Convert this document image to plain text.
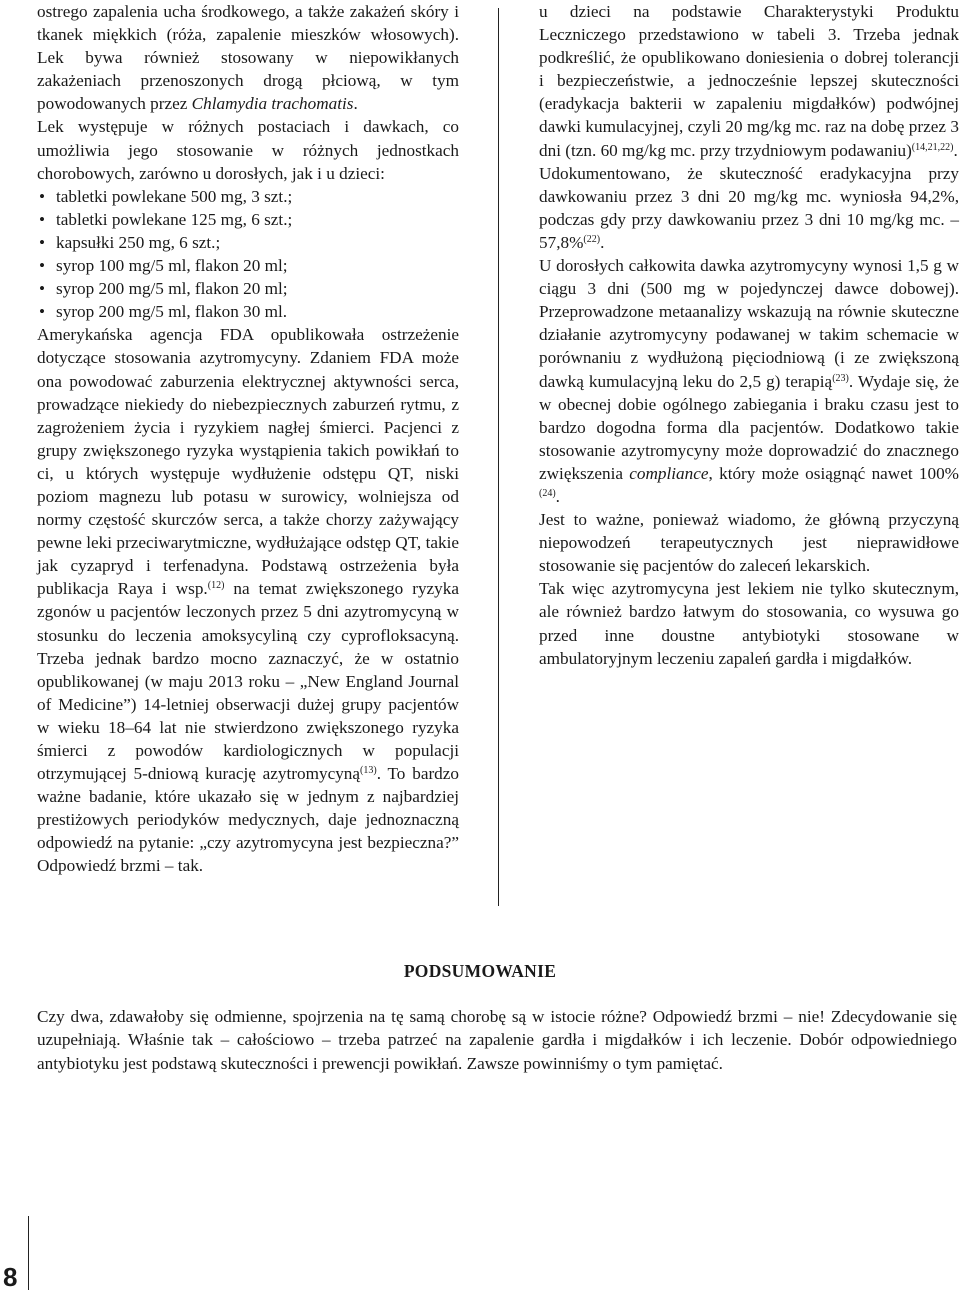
ostrego zapalenia ucha środkowego, a także zakażeń skóry i tkanek miękkich (róża, zapalenie mieszków włosowych). Lek bywa również stosowany w niepowikłanych zakażeniach przenoszonych drogą płciową, w tym powodowanych przez Chlamydia trachomatis.

Lek występuje w różnych postaciach i dawkach, co umożliwia jego stosowanie w różnych jednostkach chorobowych, zarówno u dorosłych, jak i u dzieci:

• tabletki powlekane 500 mg, 3 szt.;
• tabletki powlekane 125 mg, 6 szt.;
• kapsułki 250 mg, 6 szt.;
• syrop 100 mg/5 ml, flakon 20 ml;
• syrop 200 mg/5 ml, flakon 20 ml;
• syrop 200 mg/5 ml, flakon 30 ml.

Amerykańska agencja FDA opublikowała ostrzeżenie dotyczące stosowania azytromycyny. Zdaniem FDA może ona powodować zaburzenia elektrycznej aktywności serca, prowadzące niekiedy do niebezpiecznych zaburzeń rytmu, z zagrożeniem życia i ryzykiem nagłej śmierci. Pacjenci z grupy zwiększonego ryzyka wystąpienia takich powikłań to ci, u których występuje wydłużenie odstępu QT, niski poziom magnezu lub potasu w surowicy, wolniejsza od normy częstość skurczów serca, a także chorzy zażywający pewne leki przeciwarytmiczne, wydłużające odstęp QT, takie jak cyzapryd i terfenadyna. Podstawą ostrzeżenia była publikacja Raya i wsp.$^{(12)}$ na temat zwiększonego ryzyka zgonów u pacjentów leczonych przez 5 dni azytromycyną w stosunku do leczenia amoksycyliną czy cyprofloksacyną. Trzeba jednak bardzo mocno zaznaczyć, że w ostatnio opublikowanej (w maju 2013 roku – „New England Journal of Medicine”) 14-letniej obserwacji dużej grupy pacjentów w wieku 18–64 lat nie stwierdzono zwiększonego ryzyka śmierci z powodów kardiologicznych w populacji otrzymującej 5-dniową kurację azytromycyną$^{(13)}$. To bardzo ważne badanie, które ukazało się w jednym z najbardziej prestiżowych periodyków medycznych, daje jednoznaczną odpowiedź na pytanie: „czy azytromycyna jest bezpieczna?” Odpowiedź brzmi – tak.

u dzieci na podstawie Charakterystyki Produktu Leczniczego przedstawiono w tabeli 3. Trzeba jednak podkreślić, że opublikowano doniesienia o dobrej tolerancji i bezpieczeństwie, a jednocześnie lepszej skuteczności (eradykacja bakterii w zapaleniu migdałków) podwójnej dawki kumulacyjnej, czyli 20 mg/kg mc. raz na dobę przez 3 dni (tzn. 60 mg/kg mc. przy trzydniowym podawaniu)$^{(14,21,22)}$.

Udokumentowano, że skuteczność eradykacyjna przy dawkowaniu przez 3 dni 20 mg/kg mc. wyniosła 94,2%, podczas gdy przy dawkowaniu przez 3 dni 10 mg/kg mc. – 57,8%$^{(22)}$.

U dorosłych całkowita dawka azytromycyny wynosi 1,5 g w ciągu 3 dni (500 mg w pojedynczej dawce dobowej). Przeprowadzone metaanalizy wskazują na równie skuteczne działanie azytromycyny podawanej w takim schemacie w porównaniu z wydłużoną pięciodniową (i ze zwiększoną dawką kumulacyjną leku do 2,5 g) terapią$^{(23)}$. Wydaje się, że w obecnej dobie ogólnego zabiegania i braku czasu jest to bardzo dogodna forma dla pacjentów. Dodatkowo takie stosowanie azytromycyny może doprowadzić do znacznego zwiększenia compliance, który może osiągnąć nawet 100%$^{(24)}$.

Jest to ważne, ponieważ wiadomo, że główną przyczyną niepowodzeń terapeutycznych jest nieprawidłowe stosowanie się pacjentów do zaleceń lekarskich.

Tak więc azytromycyna jest lekiem nie tylko skutecznym, ale również bardzo łatwym do stosowania, co wysuwa go przed inne doustne antybiotyki stosowane w ambulatoryjnym leczeniu zapaleń gardła i migdałków.

PODSUMOWANIE

Czy dwa, zdawałoby się odmienne, spojrzenia na tę samą chorobę są w istocie różne? Odpowiedź brzmi – nie! Zdecydowanie się uzupełniają. Właśnie tak – całościowo – trzeba patrzeć na zapalenie gardła i migdałków i ich leczenie. Dobór odpowiedniego antybiotyku jest podstawą skuteczności i prewencji powikłań. Zawsze powinniśmy o tym pamiętać.

8
